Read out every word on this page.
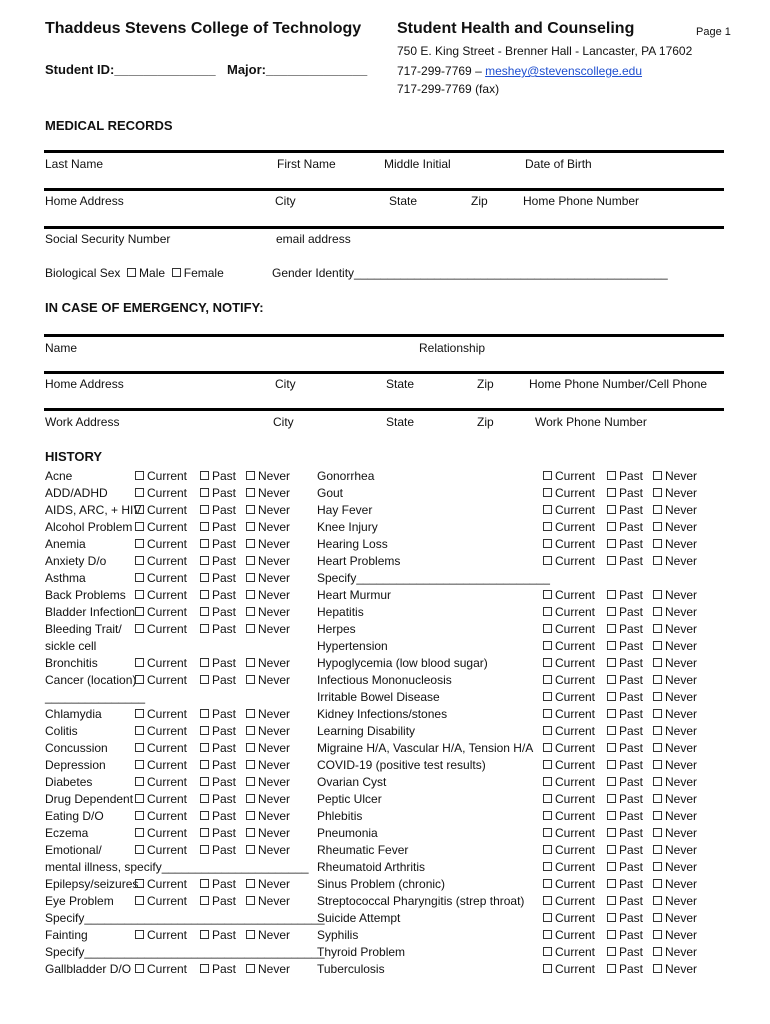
Thaddeus Stevens College of Technology
Student ID:______________ Major:______________
Student Health and Counseling	Page 1
750 E. King Street - Brenner Hall - Lancaster, PA 17602
717-299-7769 – meshey@stevenscollege.edu
717-299-7769 (fax)
MEDICAL RECORDS
Last Name	First Name	Middle Initial	Date of Birth
Home Address	City	State	Zip	Home Phone Number
Social Security Number	email address
Biological Sex Male Female	Gender Identity_______________________________________________
IN CASE OF EMERGENCY, NOTIFY:
Name	Relationship
Home Address	City	State	Zip	Home Phone Number/Cell Phone
Work Address	City	State	Zip	Work Phone Number
HISTORY
Acne	Current	Past	Never
ADD/ADHD	Current	Past	Never
AIDS, ARC, + HIV Current	Past	Never
Alcohol Problem	Current	Past	Never
Anemia	Current	Past	Never
Anxiety D/o	Current	Past	Never
Asthma	Current	Past	Never
Back Problems	Current	Past	Never
Bladder Infection Current	Past	Never
Bleeding Trait/	Current	Past	Never
sickle cell
Bronchitis	Current	Past	Never
Cancer (location) Current	Past	Never
_______________
Chlamydia	Current	Past	Never
Colitis	Current	Past	Never
Concussion	Current	Past	Never
Depression	Current	Past	Never
Diabetes	Current	Past	Never
Drug Dependent	Current	Past	Never
Eating D/O	Current	Past	Never
Eczema	Current	Past	Never
Emotional/	Current	Past	Never
mental illness, specify______________________
Epilepsy/seizures Current	Past	Never
Eye Problem	Current	Past	Never
Specify____________________________________
Fainting	Current	Past	Never
Specify____________________________________
Gallbladder D/O	Current	Past	Never
Gonorrhea	Current	Past	Never
Gout	Current	Past	Never
Hay Fever	Current	Past	Never
Knee Injury	Current	Past	Never
Hearing Loss	Current	Past	Never
Heart Problems	Current	Past	Never
Specify_____________________________
Heart Murmur	Current	Past	Never
Hepatitis	Current	Past	Never
Herpes	Current	Past	Never
Hypertension	Current	Past	Never
Hypoglycemia (low blood sugar)	Current	Past	Never
Infectious Mononucleosis	Current	Past	Never
Irritable Bowel Disease	Current	Past	Never
Kidney Infections/stones	Current	Past	Never
Learning Disability	Current	Past	Never
Migraine H/A, Vascular H/A, Tension H/A	Current	Past	Never
COVID-19 (positive test results)	Current	Past	Never
Ovarian Cyst	Current	Past	Never
Peptic Ulcer	Current	Past	Never
Phlebitis	Current	Past	Never
Pneumonia	Current	Past	Never
Rheumatic Fever	Current	Past	Never
Rheumatoid Arthritis	Current	Past	Never
Sinus Problem (chronic)	Current	Past	Never
Streptococcal Pharyngitis (strep throat)	Current	Past	Never
Suicide Attempt	Current	Past	Never
Syphilis	Current	Past	Never
Thyroid Problem	Current	Past	Never
Tuberculosis	Current	Past	Never
